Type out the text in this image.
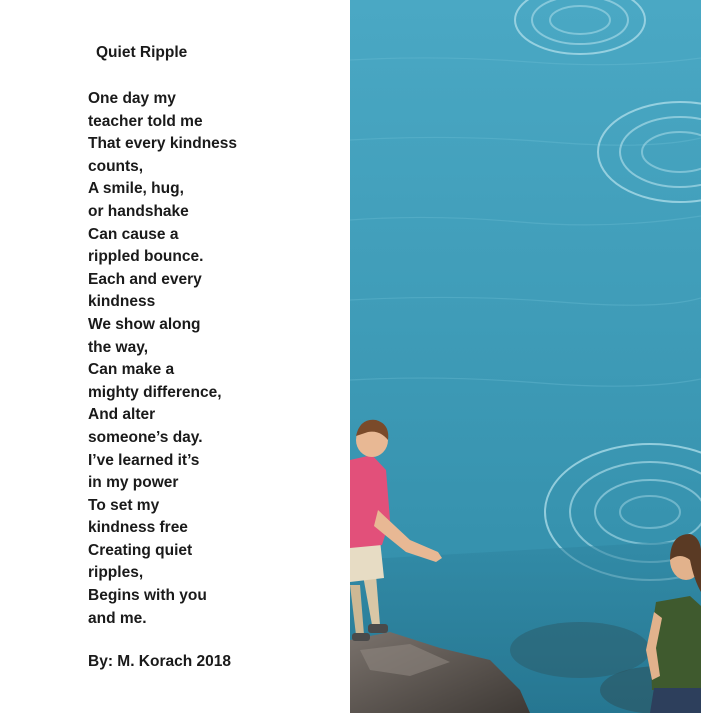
Quiet Ripple
One day my
teacher told me
That every kindness
counts,
A smile, hug,
or handshake
Can cause a
rippled bounce.
Each and every
kindness
We show along
the way,
Can make a
mighty difference,
And alter
someone’s day.
I’ve learned it’s
in my power
To set my
kindness free
Creating quiet
ripples,
Begins with you
and me.
By: M. Korach 2018
